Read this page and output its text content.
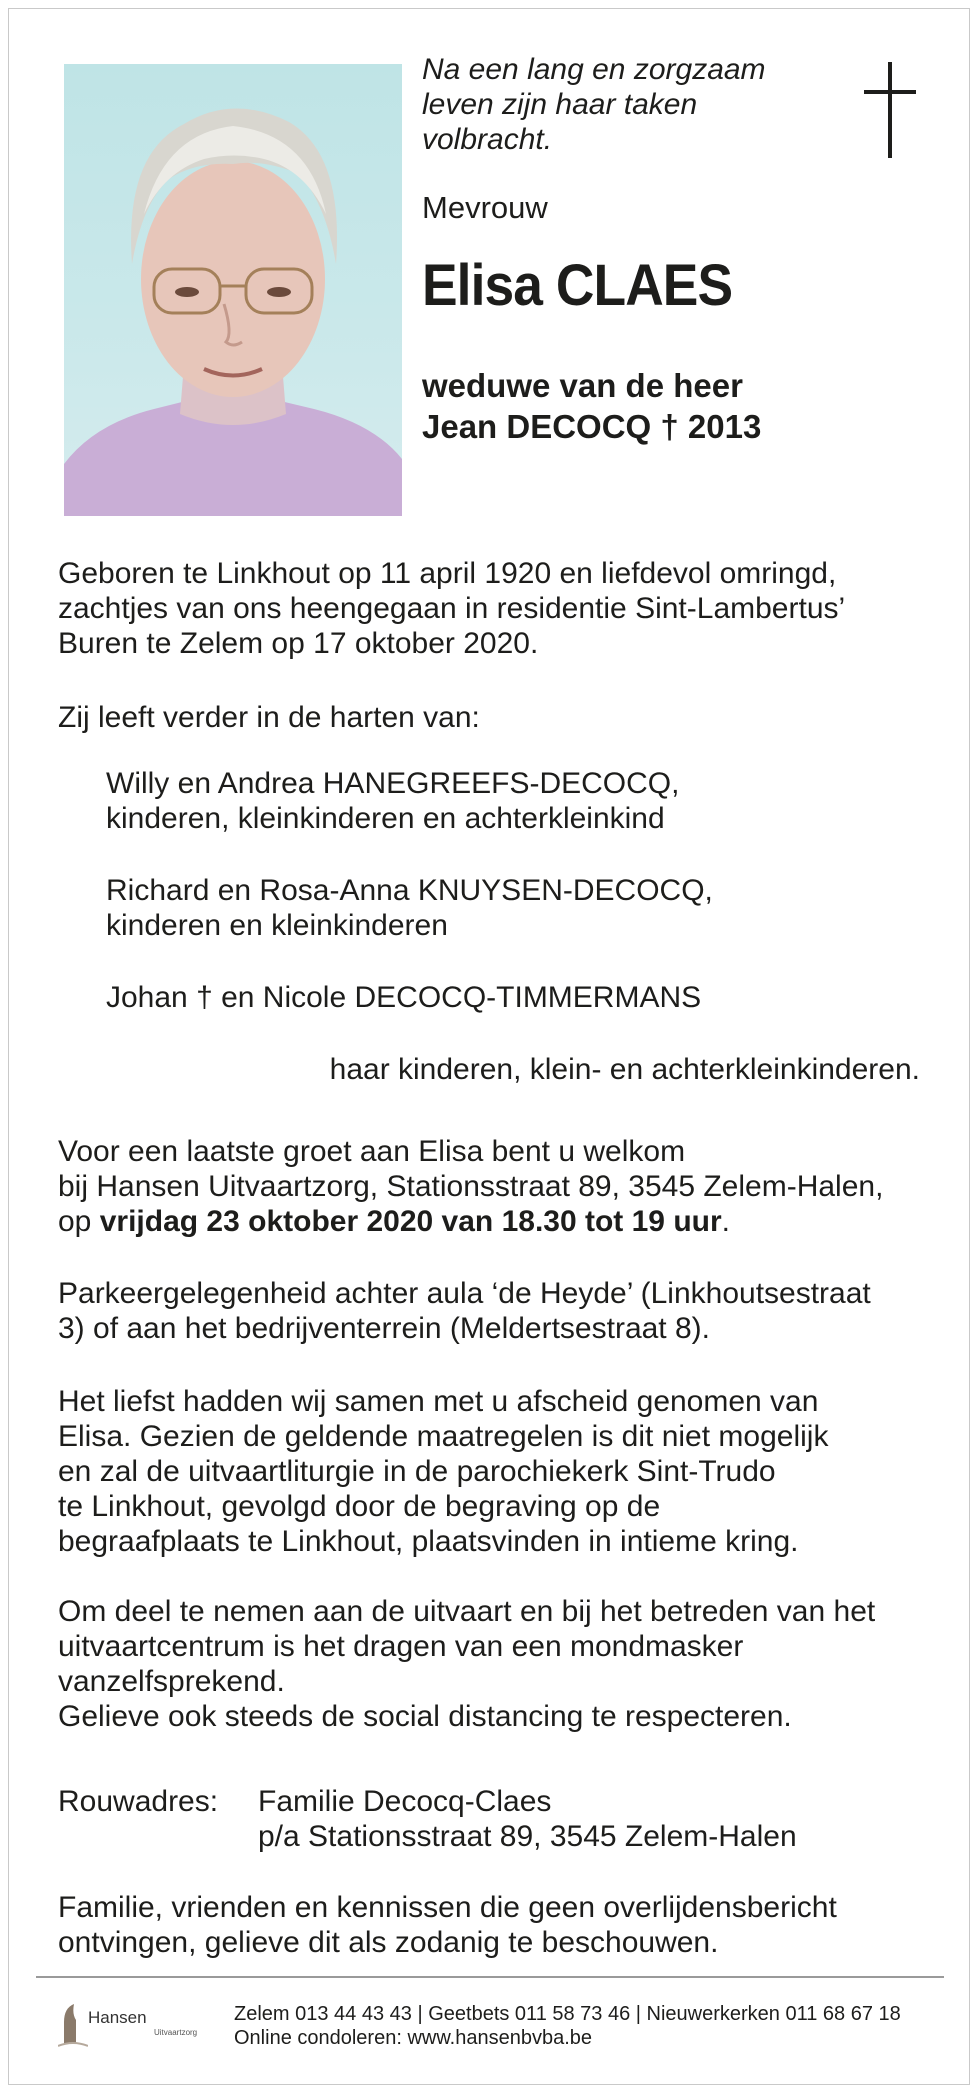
Na een lang en zorgzaam
leven zijn haar taken
volbracht.
Mevrouw
Elisa CLAES
weduwe van de heer
Jean DECOCQ † 2013
Geboren te Linkhout op 11 april 1920 en liefdevol omringd,
zachtjes van ons heengegaan in residentie Sint-Lambertus’
Buren te Zelem op 17 oktober 2020.
Zij leeft verder in de harten van:
Willy en Andrea HANEGREEFS-DECOCQ,
kinderen, kleinkinderen en achterkleinkind
Richard en Rosa-Anna KNUYSEN-DECOCQ,
kinderen en kleinkinderen
Johan † en Nicole DECOCQ-TIMMERMANS
haar kinderen, klein- en achterkleinkinderen.
Voor een laatste groet aan Elisa bent u welkom
bij Hansen Uitvaartzorg, Stationsstraat 89, 3545 Zelem-Halen,
op vrijdag 23 oktober 2020 van 18.30 tot 19 uur.
Parkeergelegenheid achter aula ‘de Heyde’ (Linkhoutsestraat
3) of aan het bedrijventerrein (Meldertsestraat 8).
Het liefst hadden wij samen met u afscheid genomen van
Elisa. Gezien de geldende maatregelen is dit niet mogelijk
en zal de uitvaartliturgie in de parochiekerk Sint-Trudo
te Linkhout, gevolgd door de begraving op de
begraafplaats te Linkhout, plaatsvinden in intieme kring.
Om deel te nemen aan de uitvaart en bij het betreden van het
uitvaartcentrum is het dragen van een mondmasker
vanzelfsprekend.
Gelieve ook steeds de social distancing te respecteren.
Rouwadres: Familie Decocq-Claes
p/a Stationsstraat 89, 3545 Zelem-Halen
Familie, vrienden en kennissen die geen overlijdensbericht
ontvingen, gelieve dit als zodanig te beschouwen.
Hansen
Uitvaartzorg
Zelem 013 44 43 43 | Geetbets 011 58 73 46 | Nieuwerkerken 011 68 67 18
Online condoleren: www.hansenbvba.be
